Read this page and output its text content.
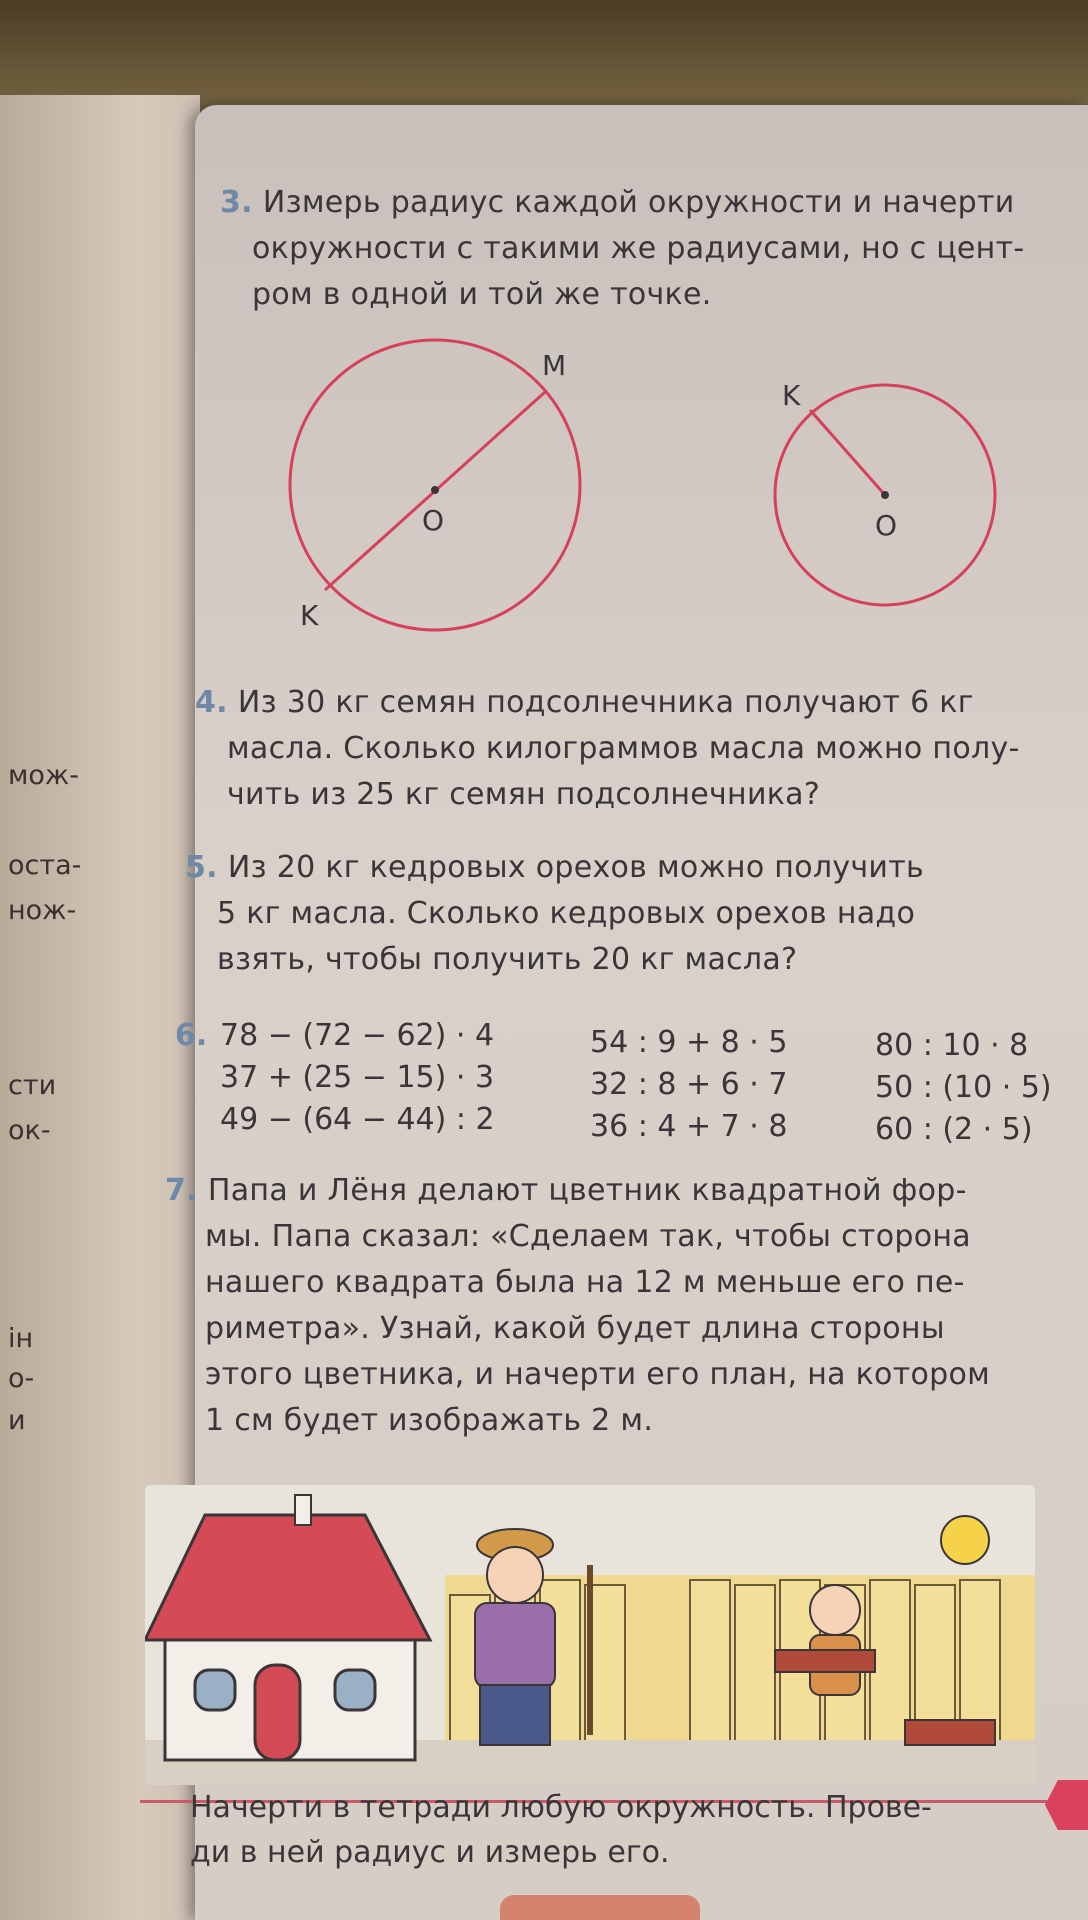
мож-
оста-
нож-
сти
ок-
ін
о-
и
3. Измерь радиус каждой окружности и начерти
окружности с такими же радиусами, но с цент-
ром в одной и той же точке.
M
O
K
K
O
4. Из 30 кг семян подсолнечника получают 6 кг
масла. Сколько килограммов масла можно полу-
чить из 25 кг семян подсолнечника?
5. Из 20 кг кедровых орехов можно получить
5 кг масла. Сколько кедровых орехов надо
взять, чтобы получить 20 кг масла?
6. 78 − (72 − 62) · 4
37 + (25 − 15) · 3
49 − (64 − 44) : 2
54 : 9 + 8 · 5
32 : 8 + 6 · 7
36 : 4 + 7 · 8
80 : 10 · 8
50 : (10 · 5)
60 : (2 · 5)
7. Папа и Лёня делают цветник квадратной фор-
мы. Папа сказал: «Сделаем так, чтобы сторона
нашего квадрата была на 12 м меньше его пе-
риметра». Узнай, какой будет длина стороны
этого цветника, и начерти его план, на котором
1 см будет изображать 2 м.
Начерти в тетради любую окружность. Прове-
ди в ней радиус и измерь его.
